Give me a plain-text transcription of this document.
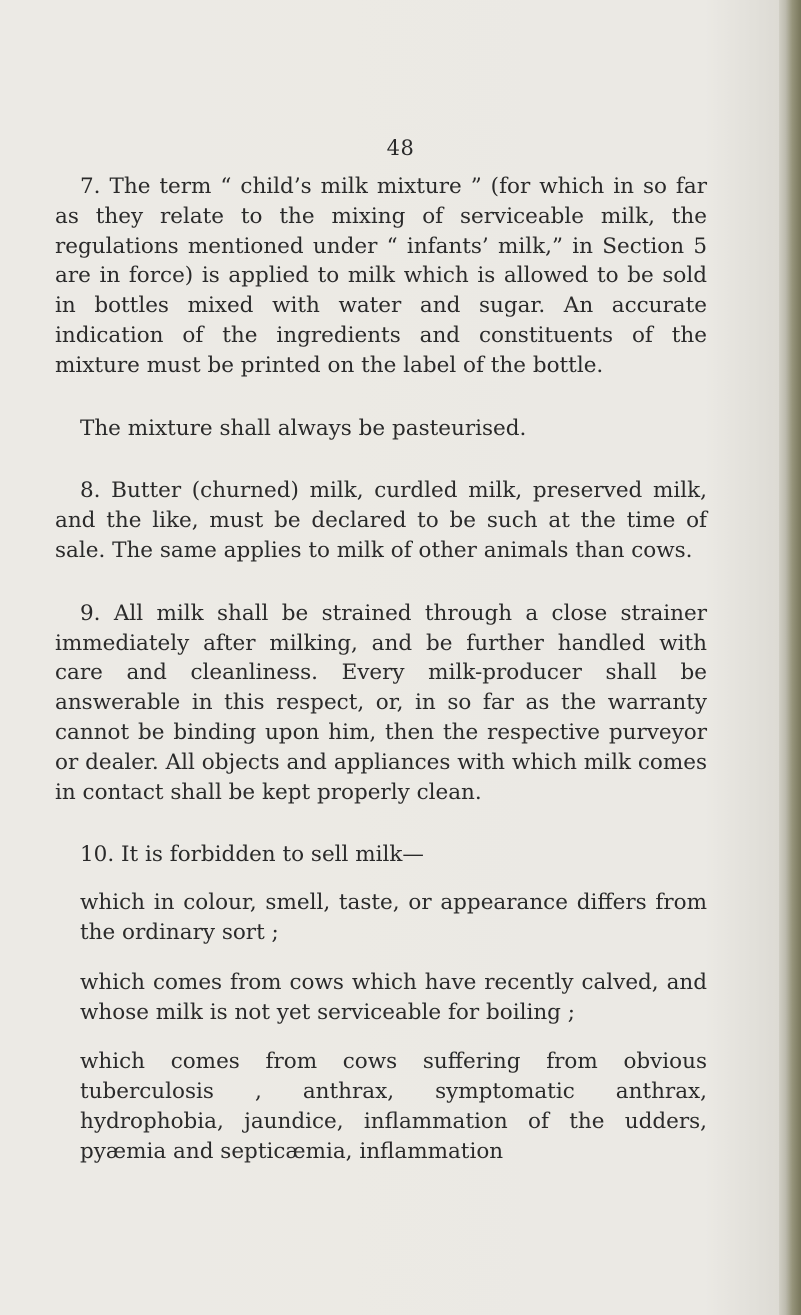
48

7. The term “ child’s milk mixture ” (for which in so far as they relate to the mixing of serviceable milk, the regulations mentioned under “ infants’ milk,” in Section 5 are in force) is applied to milk which is allowed to be sold in bottles mixed with water and sugar. An accurate indication of the ingredients and constituents of the mixture must be printed on the label of the bottle.

The mixture shall always be pasteurised.

8. Butter (churned) milk, curdled milk, preserved milk, and the like, must be declared to be such at the time of sale. The same applies to milk of other animals than cows.

9. All milk shall be strained through a close strainer immediately after milking, and be further handled with care and cleanliness. Every milk-producer shall be answerable in this respect, or, in so far as the warranty cannot be binding upon him, then the respective purveyor or dealer. All objects and appliances with which milk comes in contact shall be kept properly clean.

10. It is forbidden to sell milk—

which in colour, smell, taste, or appearance differs from the ordinary sort ;

which comes from cows which have recently calved, and whose milk is not yet serviceable for boiling ;

which comes from cows suffering from obvious tuberculosis , anthrax, symptomatic anthrax, hydrophobia, jaundice, inflammation of the udders, pyæmia and septicæmia, inflammation
